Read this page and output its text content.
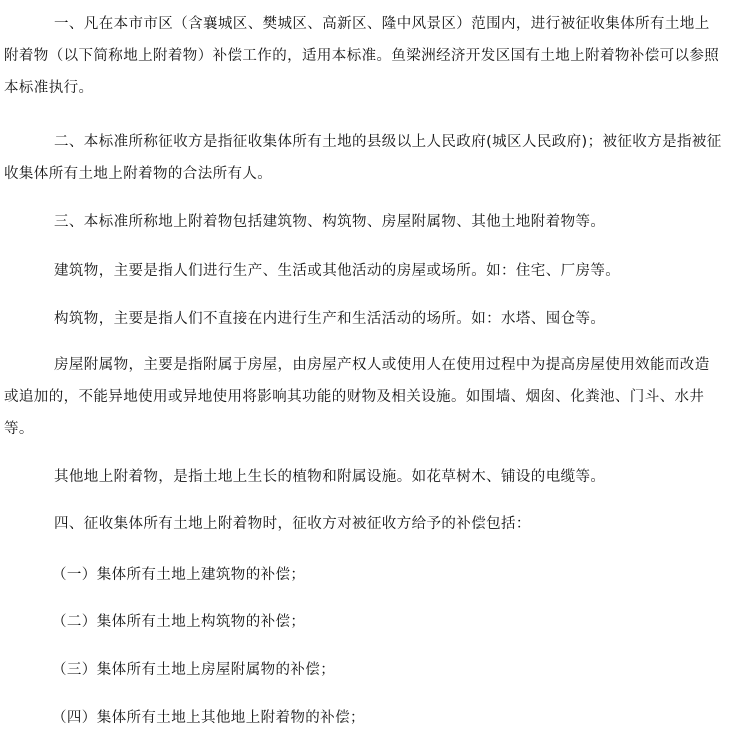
一、凡在本市市区（含襄城区、樊城区、高新区、隆中风景区）范围内，进行被征收集体所有土地上附着物（以下简称地上附着物）补偿工作的，适用本标准。鱼梁洲经济开发区国有土地上附着物补偿可以参照本标准执行。

二、本标准所称征收方是指征收集体所有土地的县级以上人民政府(城区人民政府)；被征收方是指被征收集体所有土地上附着物的合法所有人。

三、本标准所称地上附着物包括建筑物、构筑物、房屋附属物、其他土地附着物等。

建筑物，主要是指人们进行生产、生活或其他活动的房屋或场所。如：住宅、厂房等。

构筑物，主要是指人们不直接在内进行生产和生活活动的场所。如：水塔、囤仓等。

房屋附属物，主要是指附属于房屋，由房屋产权人或使用人在使用过程中为提高房屋使用效能而改造或追加的，不能异地使用或异地使用将影响其功能的财物及相关设施。如围墙、烟囱、化粪池、门斗、水井等。

其他地上附着物，是指土地上生长的植物和附属设施。如花草树木、铺设的电缆等。

四、征收集体所有土地上附着物时，征收方对被征收方给予的补偿包括：

（一）集体所有土地上建筑物的补偿；

（二）集体所有土地上构筑物的补偿；

（三）集体所有土地上房屋附属物的补偿；

（四）集体所有土地上其他地上附着物的补偿；
